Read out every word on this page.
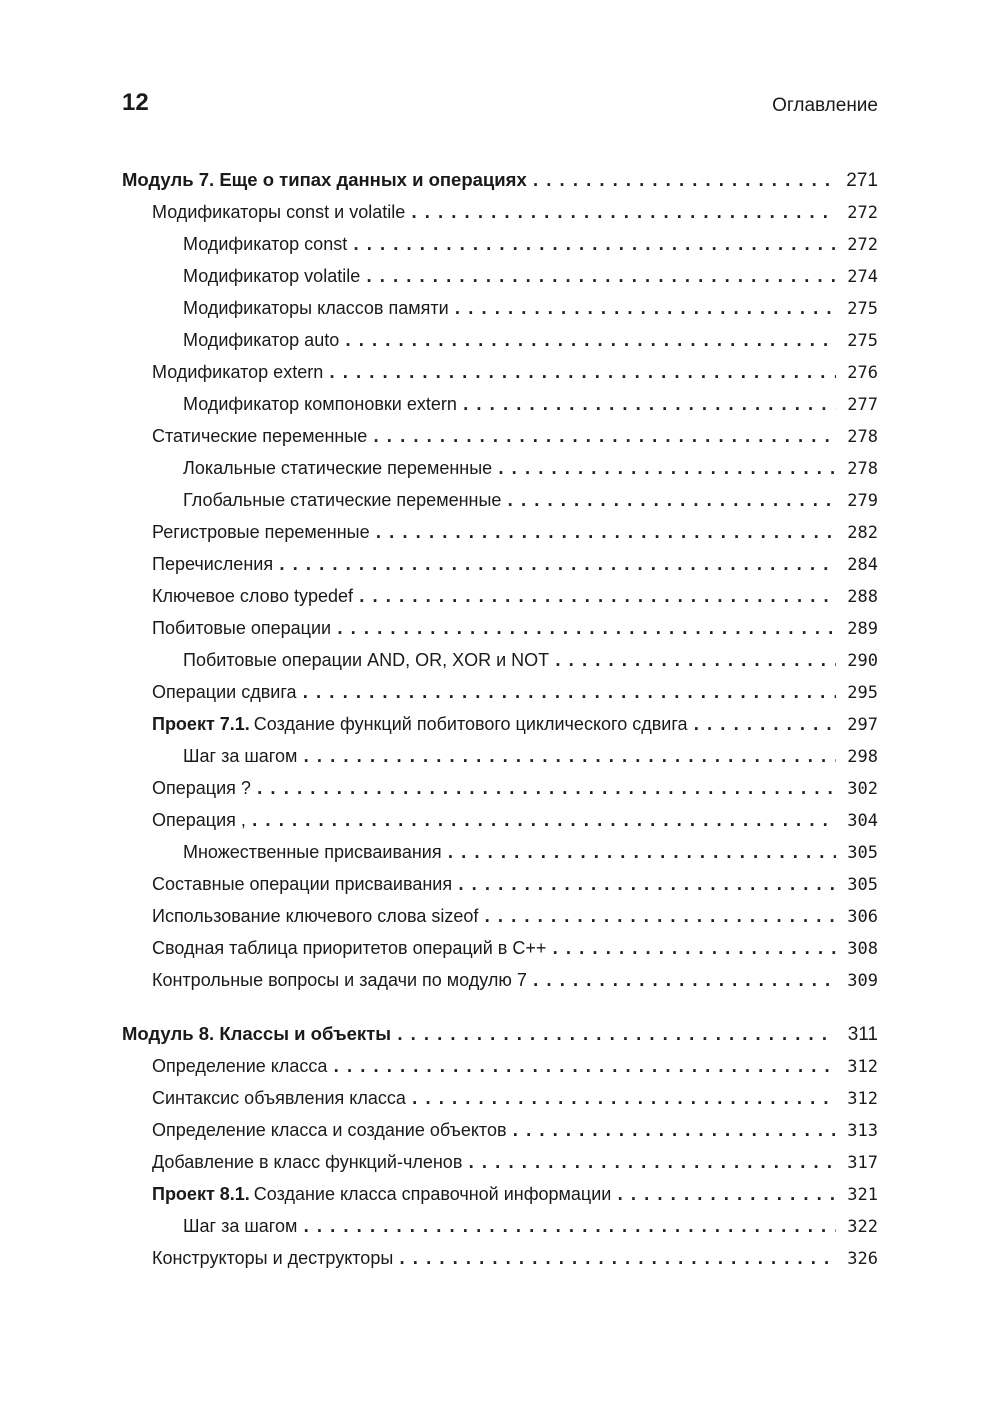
12	Оглавление
Модуль 7. Еще о типах данных и операциях . . .	271
Модификаторы const и volatile . . .	272
Модификатор const . . .	272
Модификатор volatile . . .	274
Модификаторы классов памяти . . .	275
Модификатор auto . . .	275
Модификатор extern . . .	276
Модификатор компоновки extern . . .	277
Статические переменные . . .	278
Локальные статические переменные . . .	278
Глобальные статические переменные . . .	279
Регистровые переменные . . .	282
Перечисления . . .	284
Ключевое слово typedef . . .	288
Побитовые операции . . .	289
Побитовые операции AND, OR, XOR и NOT . . .	290
Операции сдвига . . .	295
Проект 7.1. Создание функций побитового циклического сдвига . . .	297
Шаг за шагом . . .	298
Операция ? . . .	302
Операция , . . .	304
Множественные присваивания . . .	305
Составные операции присваивания . . .	305
Использование ключевого слова sizeof . . .	306
Сводная таблица приоритетов операций в C++ . . .	308
Контрольные вопросы и задачи по модулю 7 . . .	309
Модуль 8. Классы и объекты . . .	311
Определение класса . . .	312
Синтаксис объявления класса . . .	312
Определение класса и создание объектов . . .	313
Добавление в класс функций-членов . . .	317
Проект 8.1. Создание класса справочной информации . . .	321
Шаг за шагом . . .	322
Конструкторы и деструкторы . . .	326
